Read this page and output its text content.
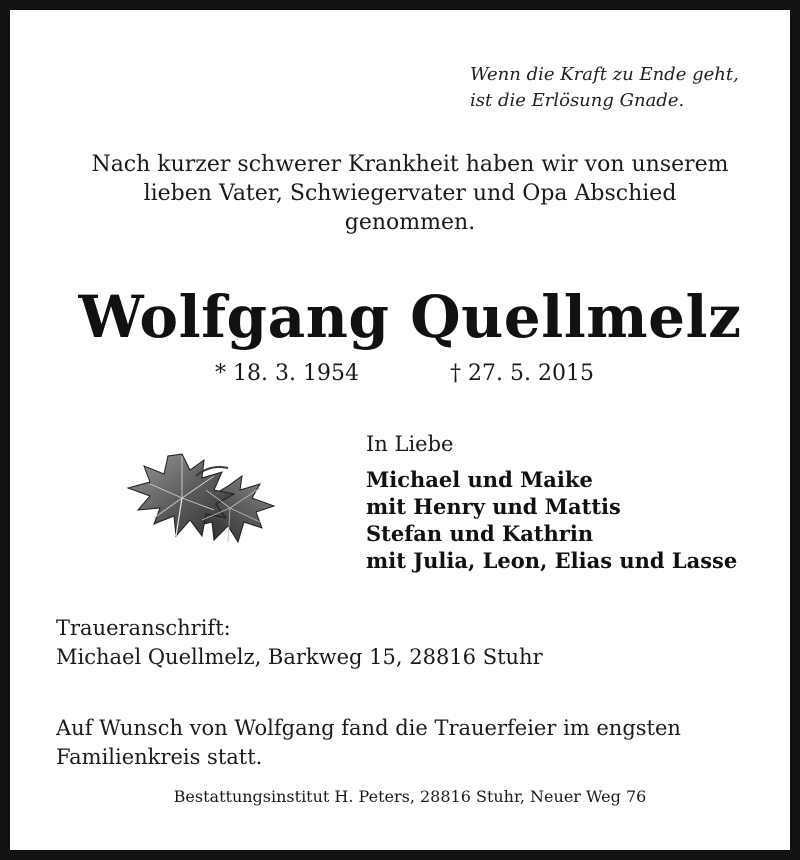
Wenn die Kraft zu Ende geht,
ist die Erlösung Gnade.
Nach kurzer schwerer Krankheit haben wir von unserem
lieben Vater, Schwiegervater und Opa Abschied
genommen.
Wolfgang Quellmelz
* 18. 3. 1954	† 27. 5. 2015
In Liebe
Michael und Maike
mit Henry und Mattis
Stefan und Kathrin
mit Julia, Leon, Elias und Lasse
Traueranschrift:
Michael Quellmelz, Barkweg 15, 28816 Stuhr
Auf Wunsch von Wolfgang fand die Trauerfeier im engsten
Familienkreis statt.
Bestattungsinstitut H. Peters, 28816 Stuhr, Neuer Weg 76
